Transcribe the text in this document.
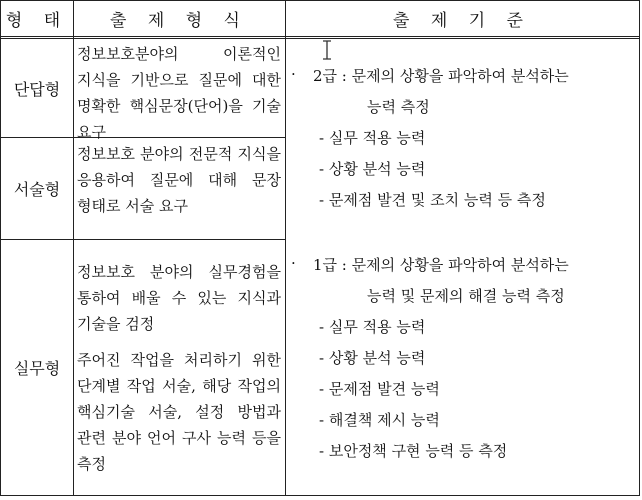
형 태	출 제 형 식	출 제 기 준
단답형
정보보호분야의 이론적인 지식을 기반으로 질문에 대한 명확한 핵심문장(단어)을 기술 요구
서술형
정보보호 분야의 전문적 지식을 응용하여 질문에 대해 문장 형태로 서술 요구
실무형
정보보호 분야의 실무경험을 통하여 배울 수 있는 지식과 기술을 검정
주어진 작업을 처리하기 위한 단계별 작업 서술, 해당 작업의 핵심기술 서술, 설정 방법과 관련 분야 언어 구사 능력 등을 측정
· 2급 : 문제의 상황을 파악하여 분석하는
능력 측정
- 실무 적용 능력
- 상황 분석 능력
- 문제점 발견 및 조치 능력 등 측정
· 1급 : 문제의 상황을 파악하여 분석하는
능력 및 문제의 해결 능력 측정
- 실무 적용 능력
- 상황 분석 능력
- 문제점 발견 능력
- 해결책 제시 능력
- 보안정책 구현 능력 등 측정
